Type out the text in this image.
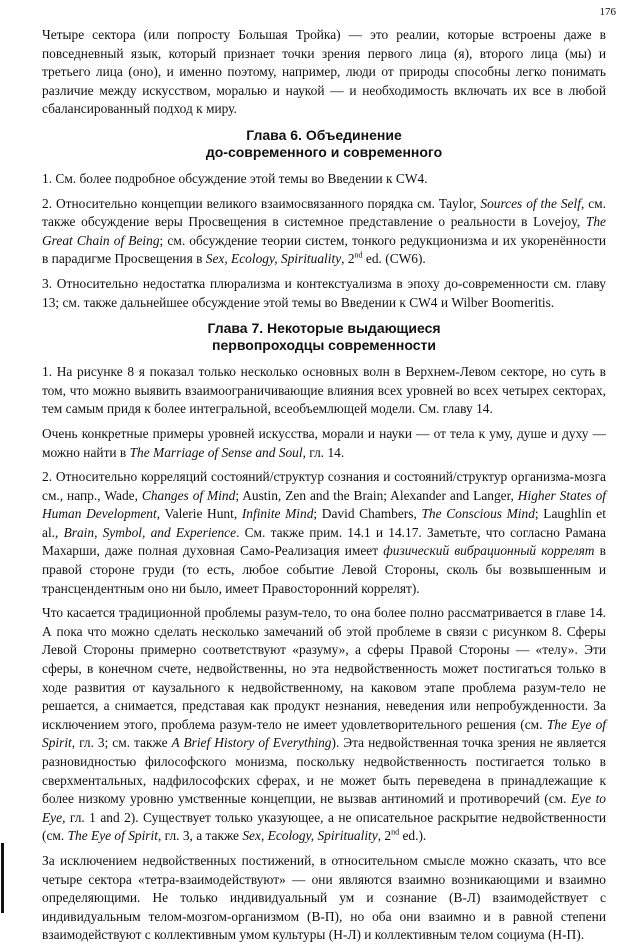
176

Четыре сектора (или попросту Большая Тройка) — это реалии, которые встроены даже в повседневный язык, который признает точки зрения первого лица (я), второго лица (мы) и третьего лица (оно), и именно поэтому, например, люди от природы способны легко понимать различие между искусством, моралью и наукой — и необходимость включать их все в любой сбалансированный подход к миру.

Глава 6. Объединение
до-современного и современного

1. См. более подробное обсуждение этой темы во Введении к CW4.

2. Относительно концепции великого взаимосвязанного порядка см. Taylor, Sources of the Self, см. также обсуждение веры Просвещения в системное представление о реальности в Lovejoy, The Great Chain of Being; см. обсуждение теории систем, тонкого редукционизма и их укоренённости в парадигме Просвещения в Sex, Ecology, Spirituality, 2nd ed. (CW6).

3. Относительно недостатка плюрализма и контекстуализма в эпоху до-современности см. главу 13; см. также дальнейшее обсуждение этой темы во Введении к CW4 и Wilber Boomeritis.

Глава 7. Некоторые выдающиеся
первопроходцы современности

1. На рисунке 8 я показал только несколько основных волн в Верхнем-Левом секторе, но суть в том, что можно выявить взаимоограничивающие влияния всех уровней во всех четырех секторах, тем самым придя к более интегральной, всеобъемлющей модели. См. главу 14.

Очень конкретные примеры уровней искусства, морали и науки — от тела к уму, душе и духу — можно найти в The Marriage of Sense and Soul, гл. 14.

2. Относительно корреляций состояний/структур сознания и состояний/структур организма-мозга см., напр., Wade, Changes of Mind; Austin, Zen and the Brain; Alexander and Langer, Higher States of Human Development, Valerie Hunt, Infinite Mind; David Chambers, The Conscious Mind; Laughlin et al., Brain, Symbol, and Experience. См. также прим. 14.1 и 14.17. Заметьте, что согласно Рамана Махарши, даже полная духовная Само-Реализация имеет физический вибрационный коррелят в правой стороне груди (то есть, любое событие Левой Стороны, сколь бы возвышенным и трансцендентным оно ни было, имеет Правосторонний коррелят).

Что касается традиционной проблемы разум-тело, то она более полно рассматривается в главе 14. А пока что можно сделать несколько замечаний об этой проблеме в связи с рисунком 8. Сферы Левой Стороны примерно соответствуют «разуму», а сферы Правой Стороны — «телу». Эти сферы, в конечном счете, недвойственны, но эта недвойственность может постигаться только в ходе развития от каузального к недвойственному, на каковом этапе проблема разум-тело не решается, а снимается, представая как продукт незнания, неведения или непробужденности. За исключением этого, проблема разум-тело не имеет удовлетворительного решения (см. The Eye of Spirit, гл. 3; см. также A Brief History of Everything). Эта недвойственная точка зрения не является разновидностью философского монизма, поскольку недвойственность постигается только в сверхментальных, надфилософских сферах, и не может быть переведена в принадлежащие к более низкому уровню умственные концепции, не вызвав антиномий и противоречий (см. Eye to Eye, гл. 1 and 2). Существует только указующее, а не описательное раскрытие недвойственности (см. The Eye of Spirit, гл. 3, а также Sex, Ecology, Spirituality, 2nd ed.).

За исключением недвойственных постижений, в относительном смысле можно сказать, что все четыре сектора «тетра-взаимодействуют» — они являются взаимно возникающими и взаимно определяющими. Не только индивидуальный ум и сознание (В-Л) взаимодействует с индивидуальным телом-мозгом-организмом (В-П), но оба они взаимно и в равной степени взаимодействуют с коллективным умом культуры (Н-Л) и коллективным телом социума (Н-П).
